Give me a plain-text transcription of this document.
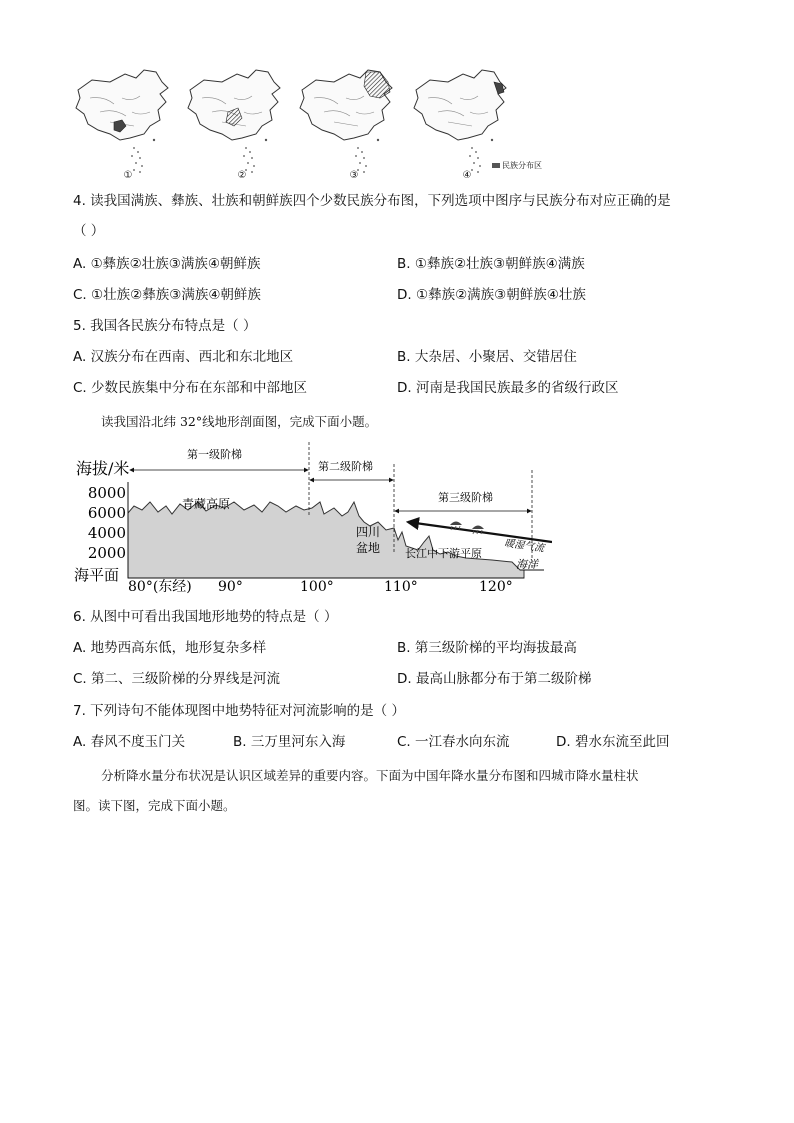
①	②	③	④
民族分布区
4. 读我国满族、彝族、壮族和朝鲜族四个少数民族分布图，下列选项中图序与民族分布对应正确的是
（ ）
A. ①彝族②壮族③满族④朝鲜族	B. ①彝族②壮族③朝鲜族④满族
C. ①壮族②彝族③满族④朝鲜族	D. ①彝族②满族③朝鲜族④壮族
5. 我国各民族分布特点是（ ）
A. 汉族分布在西南、西北和东北地区	B. 大杂居、小聚居、交错居住
C. 少数民族集中分布在东部和中部地区	D. 河南是我国民族最多的省级行政区
读我国沿北纬 32°线地形剖面图，完成下面小题。
海拔/米
8000
6000
4000
2000
海平面
80°(东经) 90°	100°	110°	120°
第一级阶梯
第二级阶梯
第三级阶梯
青藏高原
四川
盆地 长江中下游平原
海洋
暖湿气流
6. 从图中可看出我国地形地势的特点是（ ）
A. 地势西高东低，地形复杂多样	B. 第三级阶梯的平均海拔最高
C. 第二、三级阶梯的分界线是河流	D. 最高山脉都分布于第二级阶梯
7. 下列诗句不能体现图中地势特征对河流影响的是（ ）
A. 春风不度玉门关	B. 三万里河东入海	C. 一江春水向东流	D. 碧水东流至此回
分析降水量分布状况是认识区域差异的重要内容。下面为中国年降水量分布图和四城市降水量柱状
图。读下图，完成下面小题。
